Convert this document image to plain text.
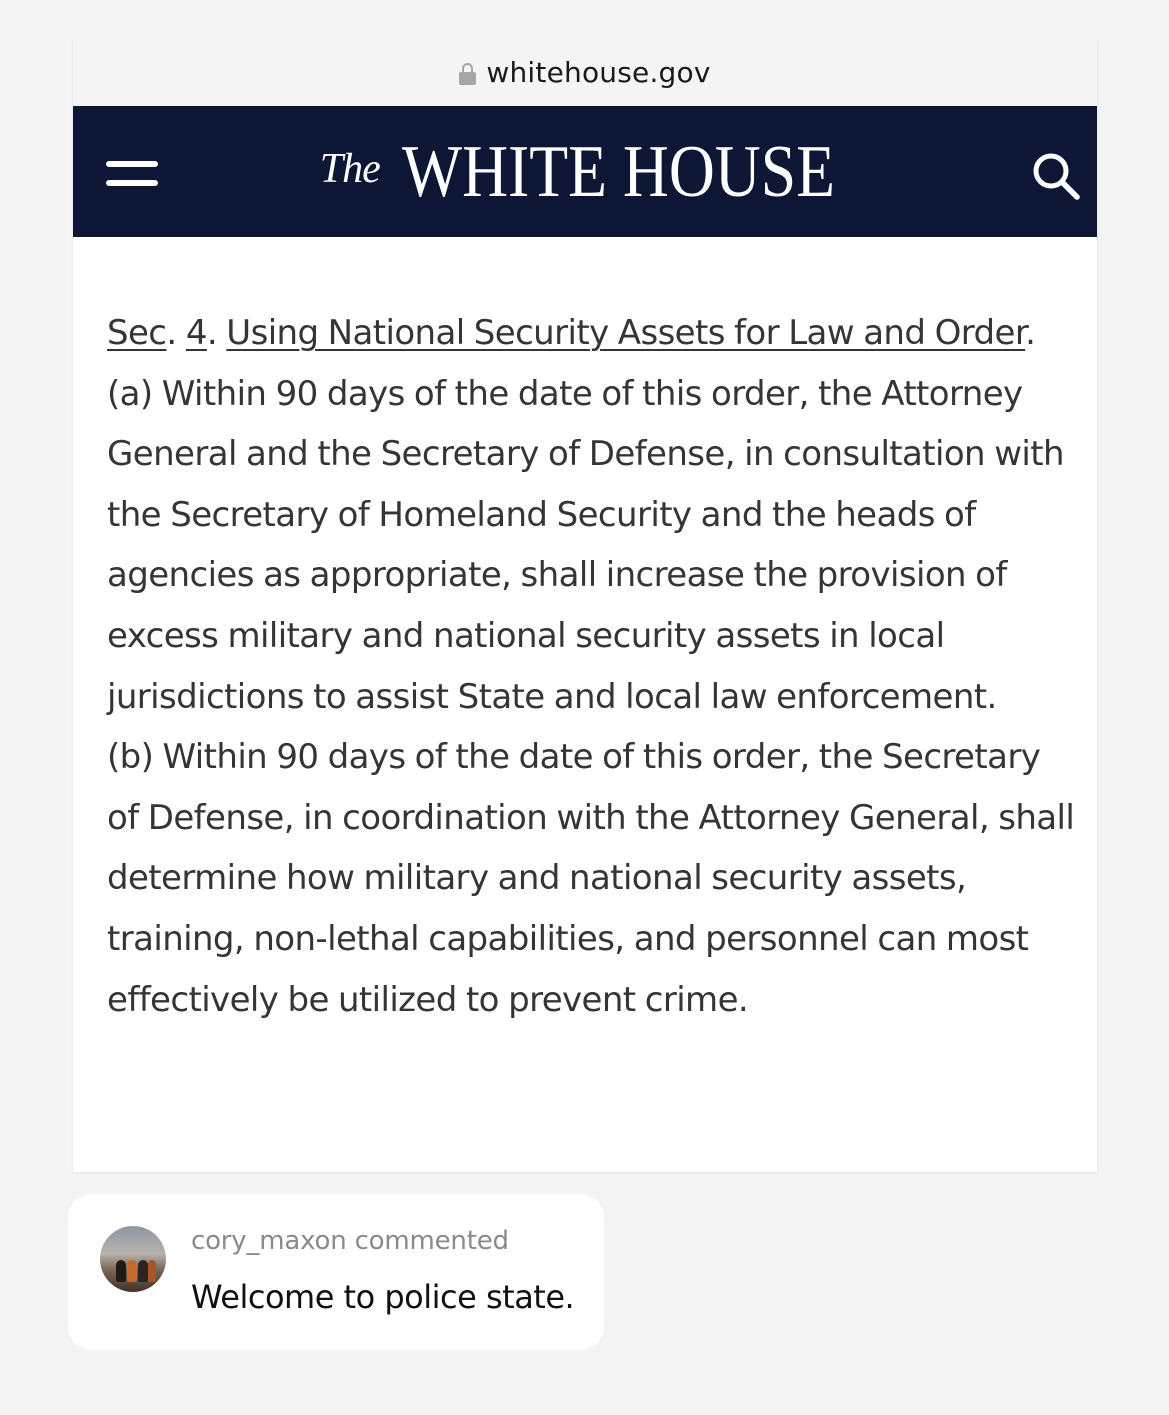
whitehouse.gov
The WHITE HOUSE

Sec. 4. Using National Security Assets for Law and Order. (a) Within 90 days of the date of this order, the Attorney General and the Secretary of Defense, in consultation with the Secretary of Homeland Security and the heads of agencies as appropriate, shall increase the provision of excess military and national security assets in local jurisdictions to assist State and local law enforcement.

(b) Within 90 days of the date of this order, the Secretary of Defense, in coordination with the Attorney General, shall determine how military and national security assets, training, non-lethal capabilities, and personnel can most effectively be utilized to prevent crime.

cory_maxon commented
Welcome to police state.
